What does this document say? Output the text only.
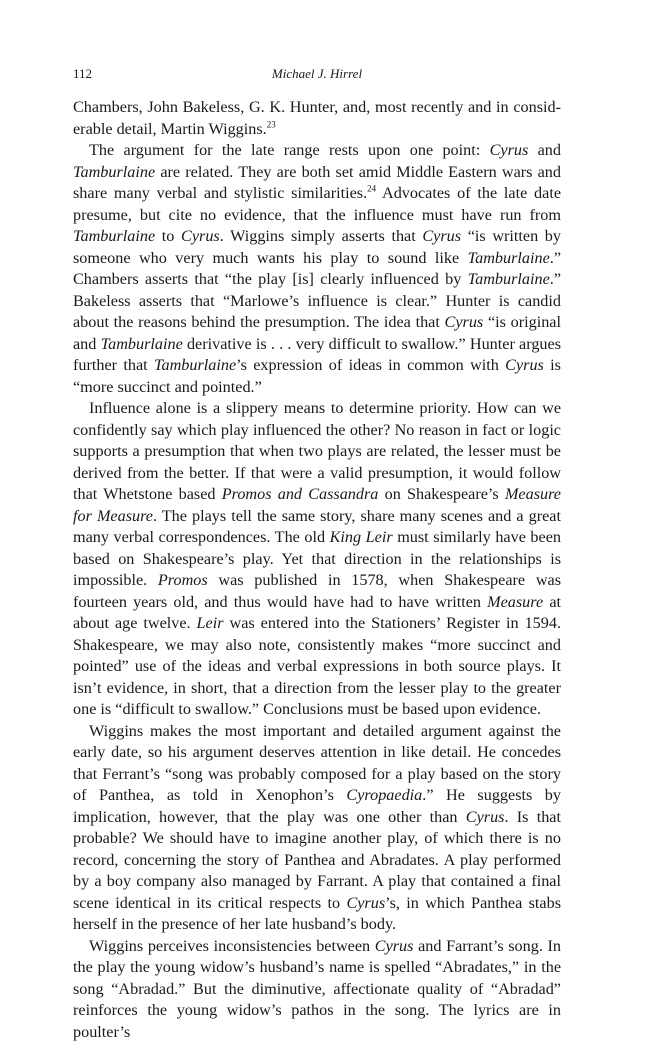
112	Michael J. Hirrel

Chambers, John Bakeless, G. K. Hunter, and, most recently and in considerable detail, Martin Wiggins.$^{23}$

The argument for the late range rests upon one point: Cyrus and Tamburlaine are related. They are both set amid Middle Eastern wars and share many verbal and stylistic similarities.$^{24}$ Advocates of the late date presume, but cite no evidence, that the influence must have run from Tamburlaine to Cyrus. Wiggins simply asserts that Cyrus “is written by someone who very much wants his play to sound like Tamburlaine.” Chambers asserts that “the play [is] clearly influenced by Tamburlaine.” Bakeless asserts that “Marlowe’s influence is clear.” Hunter is candid about the reasons behind the presumption. The idea that Cyrus “is original and Tamburlaine derivative is . . . very difficult to swallow.” Hunter argues further that Tamburlaine’s expression of ideas in common with Cyrus is “more succinct and pointed.”

Influence alone is a slippery means to determine priority. How can we confidently say which play influenced the other? No reason in fact or logic supports a presumption that when two plays are related, the lesser must be derived from the better. If that were a valid presumption, it would follow that Whetstone based Promos and Cassandra on Shakespeare’s Measure for Measure. The plays tell the same story, share many scenes and a great many verbal correspondences. The old King Leir must similarly have been based on Shakespeare’s play. Yet that direction in the relationships is impossible. Promos was published in 1578, when Shakespeare was fourteen years old, and thus would have had to have written Measure at about age twelve. Leir was entered into the Stationers’ Register in 1594. Shakespeare, we may also note, consistently makes “more succinct and pointed” use of the ideas and verbal expressions in both source plays. It isn’t evidence, in short, that a direction from the lesser play to the greater one is “difficult to swallow.” Conclusions must be based upon evidence.

Wiggins makes the most important and detailed argument against the early date, so his argument deserves attention in like detail. He concedes that Ferrant’s “song was probably composed for a play based on the story of Panthea, as told in Xenophon’s Cyropaedia.” He suggests by implication, however, that the play was one other than Cyrus. Is that probable? We should have to imagine another play, of which there is no record, concerning the story of Panthea and Abradates. A play performed by a boy company also managed by Farrant. A play that contained a final scene identical in its critical respects to Cyrus’s, in which Panthea stabs herself in the presence of her late husband’s body.

Wiggins perceives inconsistencies between Cyrus and Farrant’s song. In the play the young widow’s husband’s name is spelled “Abradates,” in the song “Abradad.” But the diminutive, affectionate quality of “Abradad” reinforces the young widow’s pathos in the song. The lyrics are in poulter’s
